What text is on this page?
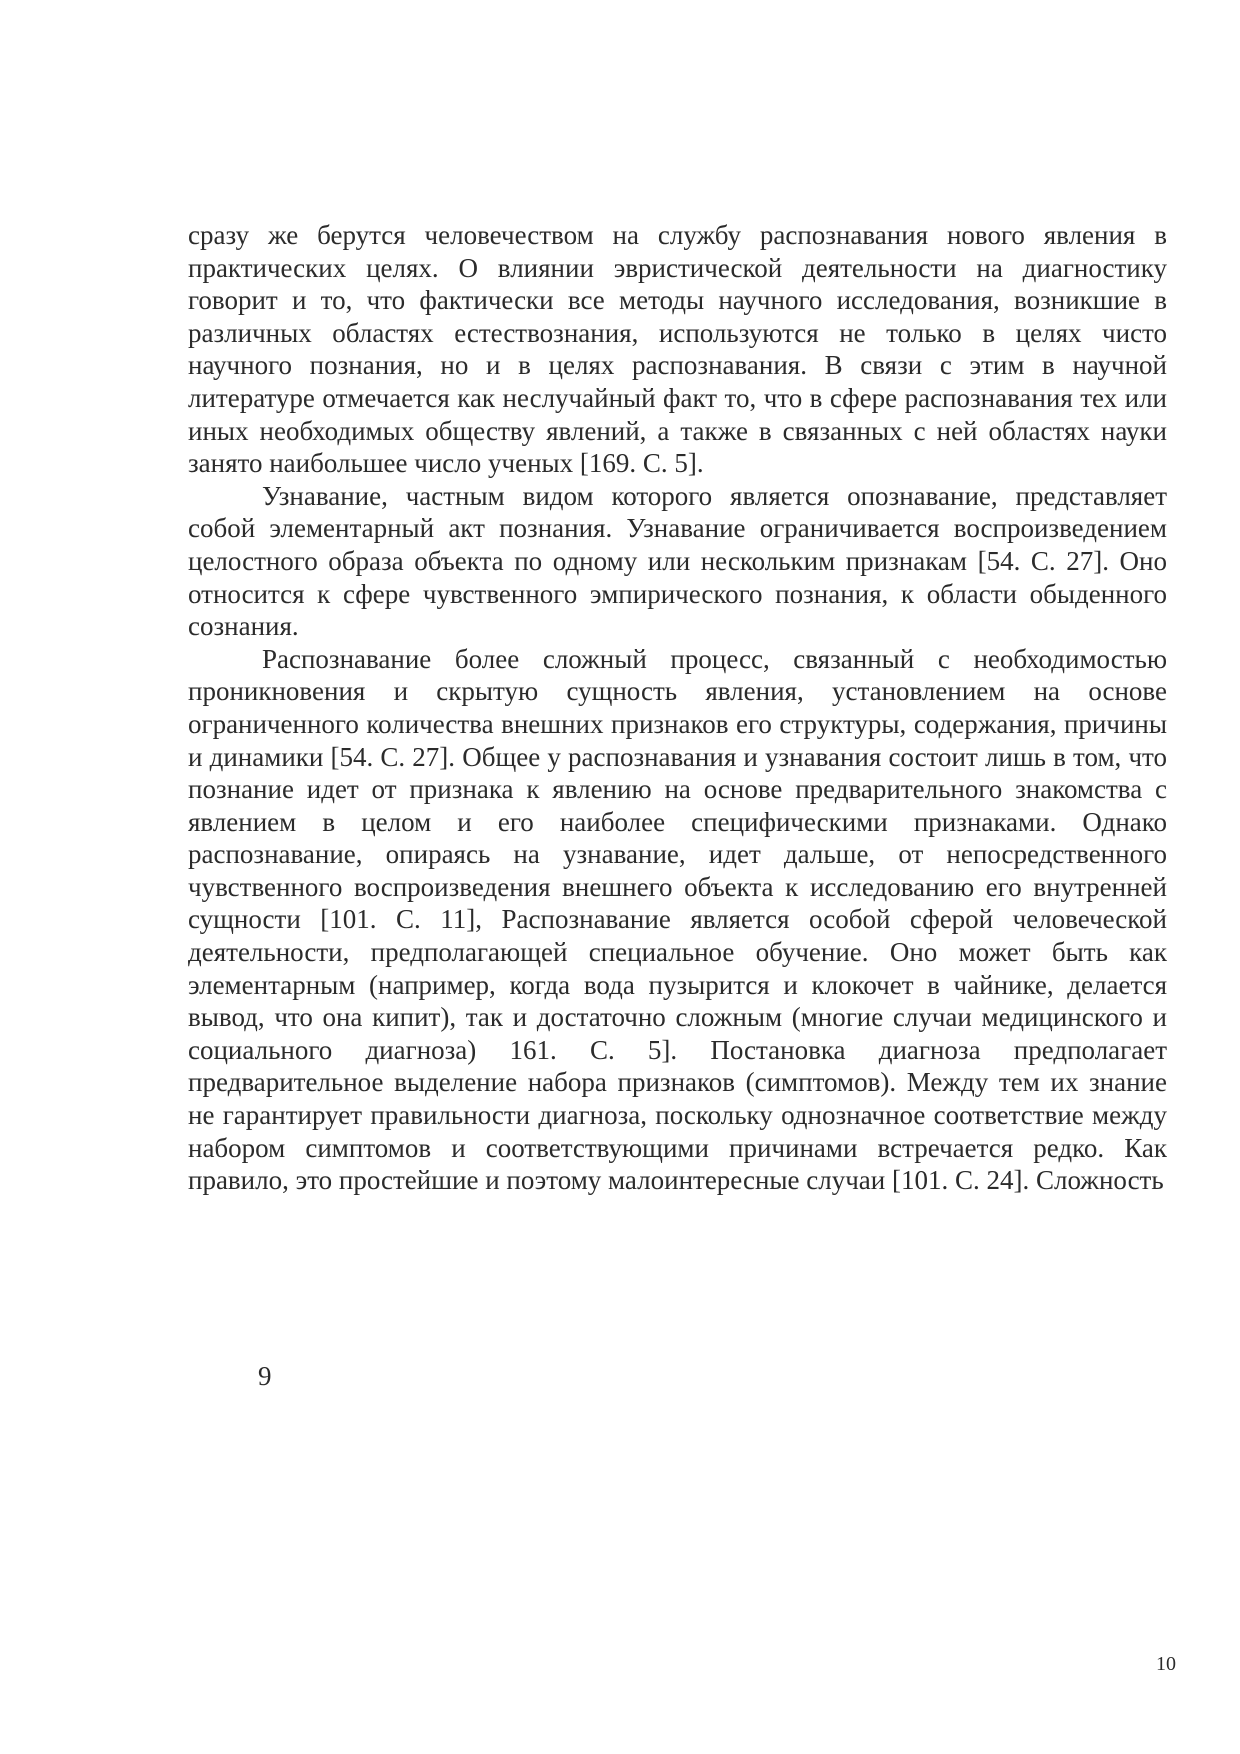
сразу же берутся человечеством на службу распознавания нового явления в практических целях. О влиянии эвристической деятельности на диагностику говорит и то, что фактически все методы научного исследования, возникшие в различных областях естествознания, используются не только в целях чисто научного познания, но и в целях распознавания. В связи с этим в научной литературе отмечается как неслучайный факт то, что в сфере распознавания тех или иных необходимых обществу явлений, а также в связанных с ней областях науки занято наибольшее число ученых [169. С. 5].

Узнавание, частным видом которого является опознавание, представляет собой элементарный акт познания. Узнавание ограничивается воспроизведением целостного образа объекта по одному или нескольким признакам [54. С. 27]. Оно относится к сфере чувственного эмпирического познания, к области обыденного сознания.

Распознавание более сложный процесс, связанный с необходимостью проникновения и скрытую сущность явления, установлением на основе ограниченного количества внешних признаков его структуры, содержания, причины и динамики [54. С. 27]. Общее у распознавания и узнавания состоит лишь в том, что познание идет от признака к явлению на основе предварительного знакомства с явлением в целом и его наиболее специфическими признаками. Однако распознавание, опираясь на узнавание, идет дальше, от непосредственного чувственного воспроизведения внешнего объекта к исследованию его внутренней сущности [101. С. 11], Распознавание является особой сферой человеческой деятельности, предполагающей специальное обучение. Оно может быть как элементарным (например, когда вода пузырится и клокочет в чайнике, делается вывод, что она кипит), так и достаточно сложным (многие случаи медицинского и социального диагноза) 161. С. 5]. Постановка диагноза предполагает предварительное выделение набора признаков (симптомов). Между тем их знание не гарантирует правильности диагноза, поскольку однозначное соответствие между набором симптомов и соответствующими причинами встречается редко. Как правило, это простейшие и поэтому малоинтересные случаи [101. С. 24]. Сложность

9
10
